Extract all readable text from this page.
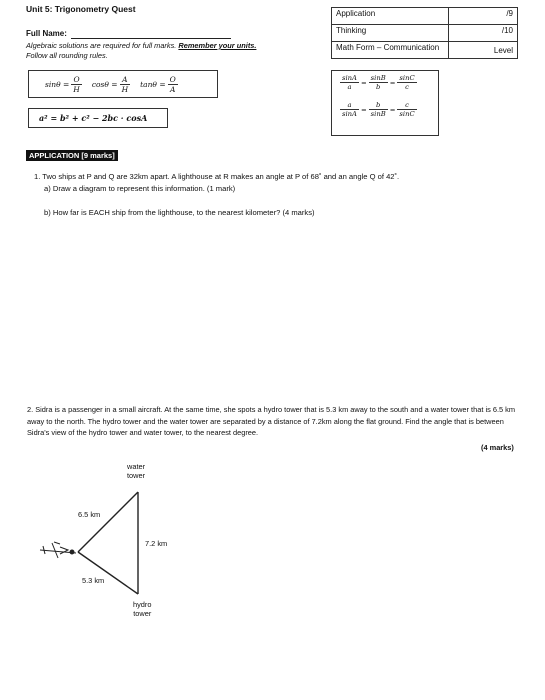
Unit 5: Trigonometry Quest
Full Name:
Algebraic solutions are required for full marks. Remember your units.
Follow all rounding rules.
Application	/9
Thinking	/10
Math Form – Communication	Level
$\sin\theta = \frac{O}{H}$ $\cos\theta = \frac{A}{H}$ $\tan\theta = \frac{O}{A}$
a² = b² + c² − 2bc · cosA
$\frac{\sin A}{a} = \frac{\sin B}{b} = \frac{\sin C}{c}$
$\frac{a}{\sin A} = \frac{b}{\sin B} = \frac{c}{\sin C}$
APPLICATION [9 marks]
1. Two ships at P and Q are 32km apart. A lighthouse at R makes an angle at P of 68˚ and an angle Q of 42˚.
a) Draw a diagram to represent this information. (1 mark)
b) How far is EACH ship from the lighthouse, to the nearest kilometer? (4 marks)
2. Sidra is a passenger in a small aircraft. At the same time, she spots a hydro tower that is 5.3 km away to the south and a water tower that is 6.5 km away to the north. The hydro tower and the water tower are separated by a distance of 7.2km along the flat ground. Find the angle that is between Sidra's view of the hydro tower and water tower, to the nearest degree.
(4 marks)
water
tower
6.5 km
7.2 km
5.3 km
hydro
tower
